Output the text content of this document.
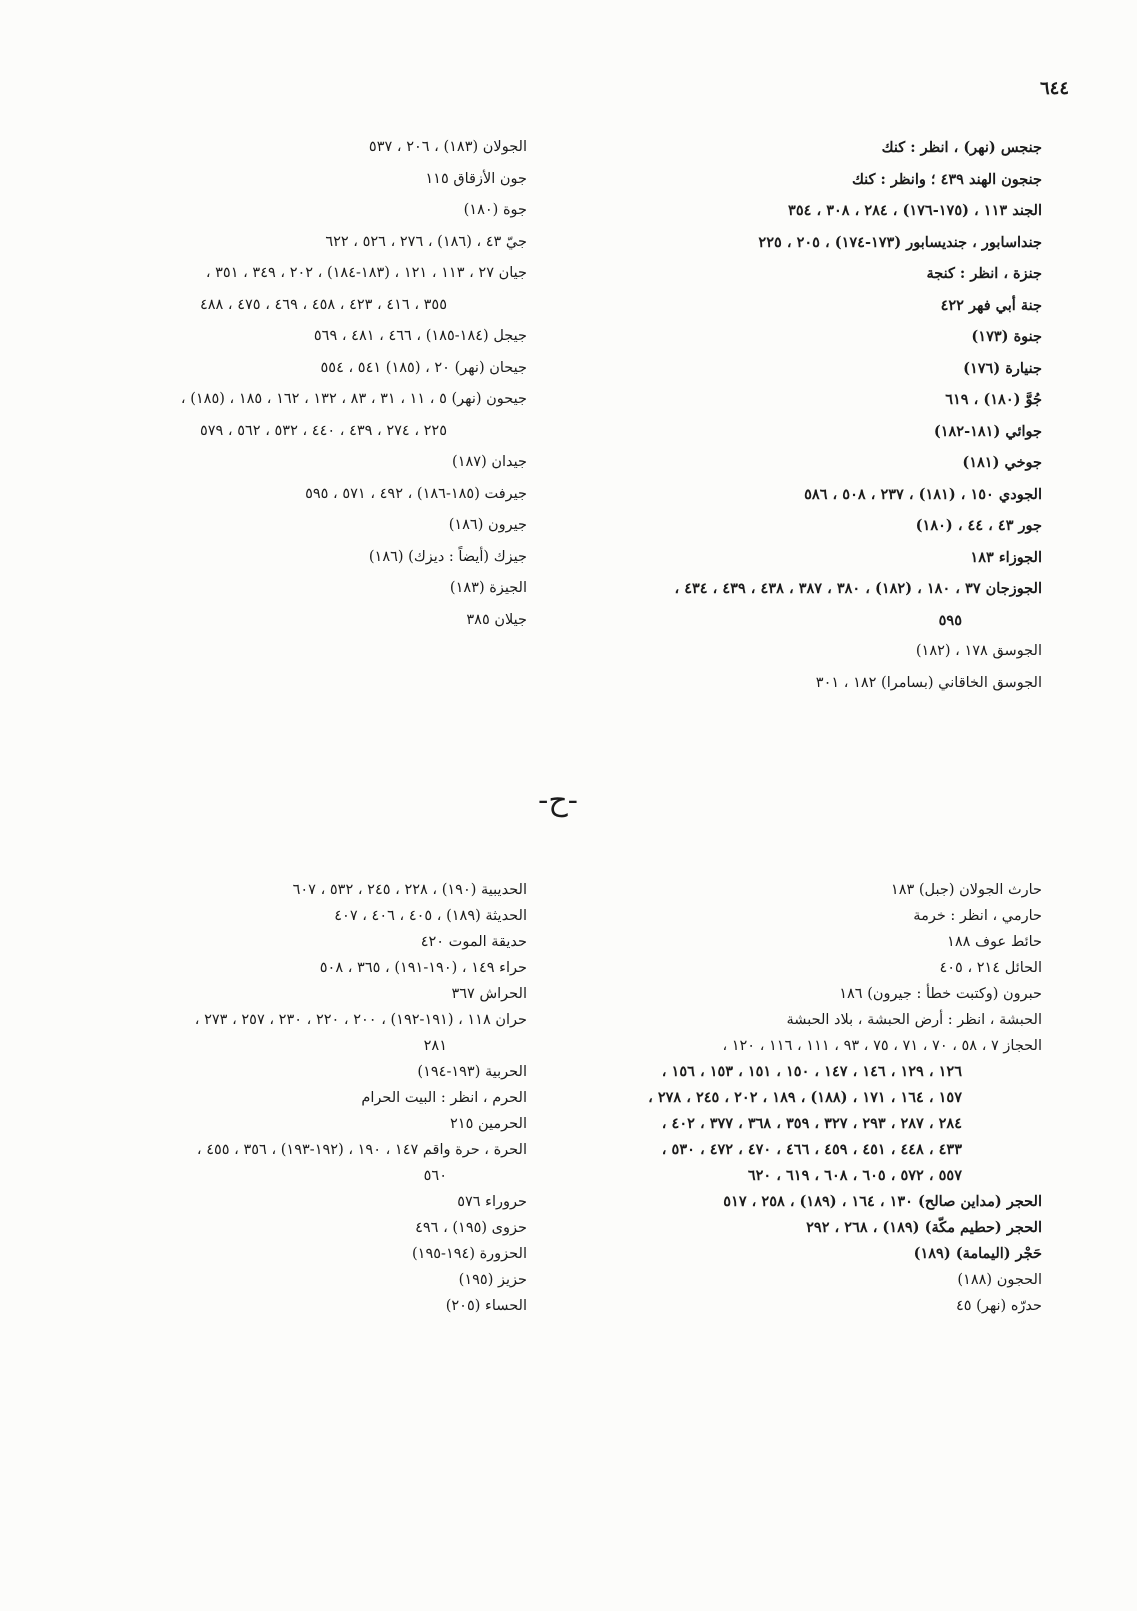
٦٤٤
جنجس (نهر) ، انظر : كنك
جنجون الهند ٤٣٩ ؛ وانظر : كنك
الجند ١١٣ ، (١٧٥-١٧٦) ، ٢٨٤ ، ٣٠٨ ، ٣٥٤
جنداسابور ، جنديسابور (١٧٣-١٧٤) ، ٢٠٥ ، ٢٢٥
جنزة ، انظر : كنجة
جنة أبي فهر ٤٢٢
جنوة (١٧٣)
جنيارة (١٧٦)
جُوَّ (١٨٠) ، ٦١٩
جوائي (١٨١-١٨٢)
جوخي (١٨١)
الجودي ١٥٠ ، (١٨١) ، ٢٣٧ ، ٥٠٨ ، ٥٨٦
جور ٤٣ ، ٤٤ ، (١٨٠)
الجوزاء ١٨٣
الجوزجان ٣٧ ، ١٨٠ ، (١٨٢) ، ٣٨٠ ، ٣٨٧ ، ٤٣٨ ، ٤٣٩ ، ٤٣٤ ،
٥٩٥
الجوسق ١٧٨ ، (١٨٢)
الجوسق الخاقاني (بسامرا) ١٨٢ ، ٣٠١
الجولان (١٨٣) ، ٢٠٦ ، ٥٣٧
جون الأزقاق ١١٥
جوة (١٨٠)
جيّ ٤٣ ، (١٨٦) ، ٢٧٦ ، ٥٢٦ ، ٦٢٢
جيان ٢٧ ، ١١٣ ، ١٢١ ، (١٨٣-١٨٤) ، ٢٠٢ ، ٣٤٩ ، ٣٥١ ،
٣٥٥ ، ٤١٦ ، ٤٢٣ ، ٤٥٨ ، ٤٦٩ ، ٤٧٥ ، ٤٨٨
جيجل (١٨٤-١٨٥) ، ٤٦٦ ، ٤٨١ ، ٥٦٩
جيحان (نهر) ٢٠ ، (١٨٥) ٥٤١ ، ٥٥٤
جيحون (نهر) ٥ ، ١١ ، ٣١ ، ٨٣ ، ١٣٢ ، ١٦٢ ، ١٨٥ ، (١٨٥) ،
٢٢٥ ، ٢٧٤ ، ٤٣٩ ، ٤٤٠ ، ٥٣٢ ، ٥٦٢ ، ٥٧٩
جيدان (١٨٧)
جيرفت (١٨٥-١٨٦) ، ٤٩٢ ، ٥٧١ ، ٥٩٥
جيرون (١٨٦)
جيزك (أيضاً : ديزك) (١٨٦)
الجيزة (١٨٣)
جيلان ٣٨٥
-ح-
حارث الجولان (جبل) ١٨٣
حارمي ، انظر : خرمة
حائط عوف ١٨٨
الحائل ٢١٤ ، ٤٠٥
حبرون (وكتبت خطأ : جيرون) ١٨٦
الحبشة ، انظر : أرض الحبشة ، بلاد الحبشة
الحجاز ٧ ، ٥٨ ، ٧٠ ، ٧١ ، ٧٥ ، ٩٣ ، ١١١ ، ١١٦ ، ١٢٠ ،
١٢٦ ، ١٢٩ ، ١٤٦ ، ١٤٧ ، ١٥٠ ، ١٥١ ، ١٥٣ ، ١٥٦ ،
١٥٧ ، ١٦٤ ، ١٧١ ، (١٨٨) ، ١٨٩ ، ٢٠٢ ، ٢٤٥ ، ٢٧٨ ،
٢٨٤ ، ٢٨٧ ، ٢٩٣ ، ٣٢٧ ، ٣٥٩ ، ٣٦٨ ، ٣٧٧ ، ٤٠٢ ،
٤٣٣ ، ٤٤٨ ، ٤٥١ ، ٤٥٩ ، ٤٦٦ ، ٤٧٠ ، ٤٧٢ ، ٥٣٠ ،
٥٥٧ ، ٥٧٢ ، ٦٠٥ ، ٦٠٨ ، ٦١٩ ، ٦٢٠
الحجر (مداين صالح) ١٣٠ ، ١٦٤ ، (١٨٩) ، ٢٥٨ ، ٥١٧
الحجر (حطيم مكّة) (١٨٩) ، ٢٦٨ ، ٢٩٢
حَجْر (اليمامة) (١٨٩)
الحجون (١٨٨)
حدرّه (نهر) ٤٥
الحديبية (١٩٠) ، ٢٢٨ ، ٢٤٥ ، ٥٣٢ ، ٦٠٧
الحديثة (١٨٩) ، ٤٠٥ ، ٤٠٦ ، ٤٠٧
حديقة الموت ٤٢٠
حراء ١٤٩ ، (١٩٠-١٩١) ، ٣٦٥ ، ٥٠٨
الحراش ٣٦٧
حران ١١٨ ، (١٩١-١٩٢) ، ٢٠٠ ، ٢٢٠ ، ٢٣٠ ، ٢٥٧ ، ٢٧٣ ،
٢٨١
الحربية (١٩٣-١٩٤)
الحرم ، انظر : البيت الحرام
الحرمين ٢١٥
الحرة ، حرة واقم ١٤٧ ، ١٩٠ ، (١٩٢-١٩٣) ، ٣٥٦ ، ٤٥٥ ،
٥٦٠
حروراء ٥٧٦
حزوى (١٩٥) ، ٤٩٦
الحزورة (١٩٤-١٩٥)
حزيز (١٩٥)
الحساء (٢٠٥)
